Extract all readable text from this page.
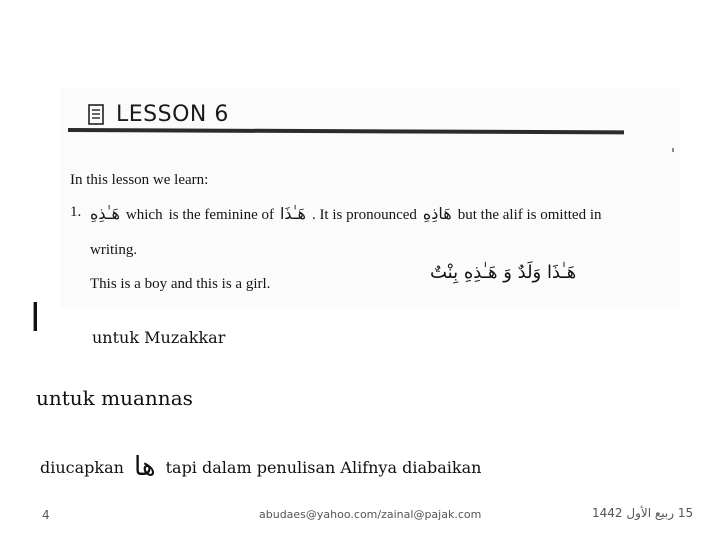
LESSON 6
In this lesson we learn:
1. هَـٰذِهِ which is the feminine of هَـٰذَا . It is pronounced هَاذِهِ but the alif is omitted in
writing.
This is a boy and this is a girl.
هَـٰذَا وَلَدٌ وَ هَـٰذِهِ بِنْتٌ
ا	untuk Muzakkar
untuk muannas
diucapkan ها tapi dalam penulisan Alifnya diabaikan
4	abudaes@yahoo.com/zainal@pajak.com	15 ربيع الأول 1442
